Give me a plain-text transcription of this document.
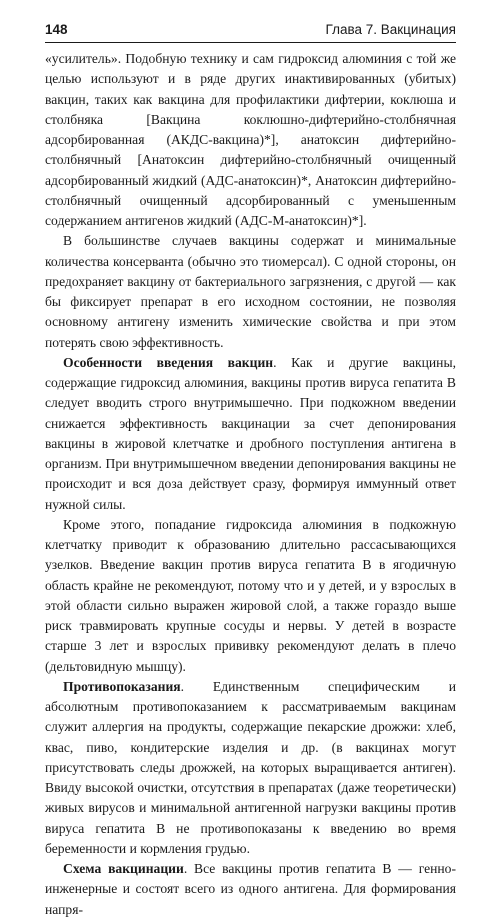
148	Глава 7. Вакцинация

«усилитель». Подобную технику и сам гидроксид алюминия с той же целью используют и в ряде других инактивированных (убитых) вакцин, таких как вакцина для профилактики дифтерии, коклюша и столбняка [Вакцина коклюшно-дифтерийно-столбнячная адсорбированная (АКДС-вакцина)*], анатоксин дифтерийно-столбнячный [Анатоксин дифтерийно-столбнячный очищенный адсорбированный жидкий (АДС-анатоксин)*, Анатоксин дифтерийно-столбнячный очищенный адсорбированный с уменьшенным содержанием антигенов жидкий (АДС-М-анатоксин)*].

В большинстве случаев вакцины содержат и минимальные количества консерванта (обычно это тиомерсал). С одной стороны, он предохраняет вакцину от бактериального загрязнения, с другой — как бы фиксирует препарат в его исходном состоянии, не позволяя основному антигену изменить химические свойства и при этом потерять свою эффективность.

Особенности введения вакцин. Как и другие вакцины, содержащие гидроксид алюминия, вакцины против вируса гепатита В следует вводить строго внутримышечно. При подкожном введении снижается эффективность вакцинации за счет депонирования вакцины в жировой клетчатке и дробного поступления антигена в организм. При внутримышечном введении депонирования вакцины не происходит и вся доза действует сразу, формируя иммунный ответ нужной силы.

Кроме этого, попадание гидроксида алюминия в подкожную клетчатку приводит к образованию длительно рассасывающихся узелков. Введение вакцин против вируса гепатита В в ягодичную область крайне не рекомендуют, потому что и у детей, и у взрослых в этой области сильно выражен жировой слой, а также гораздо выше риск травмировать крупные сосуды и нервы. У детей в возрасте старше 3 лет и взрослых прививку рекомендуют делать в плечо (дельтовидную мышцу).

Противопоказания. Единственным специфическим и абсолютным противопоказанием к рассматриваемым вакцинам служит аллергия на продукты, содержащие пекарские дрожжи: хлеб, квас, пиво, кондитерские изделия и др. (в вакцинах могут присутствовать следы дрожжей, на которых выращивается антиген). Ввиду высокой очистки, отсутствия в препаратах (даже теоретически) живых вирусов и минимальной антигенной нагрузки вакцины против вируса гепатита В не противопоказаны к введению во время беременности и кормления грудью.

Схема вакцинации. Все вакцины против гепатита В — генно-инженерные и состоят всего из одного антигена. Для формирования напря-
